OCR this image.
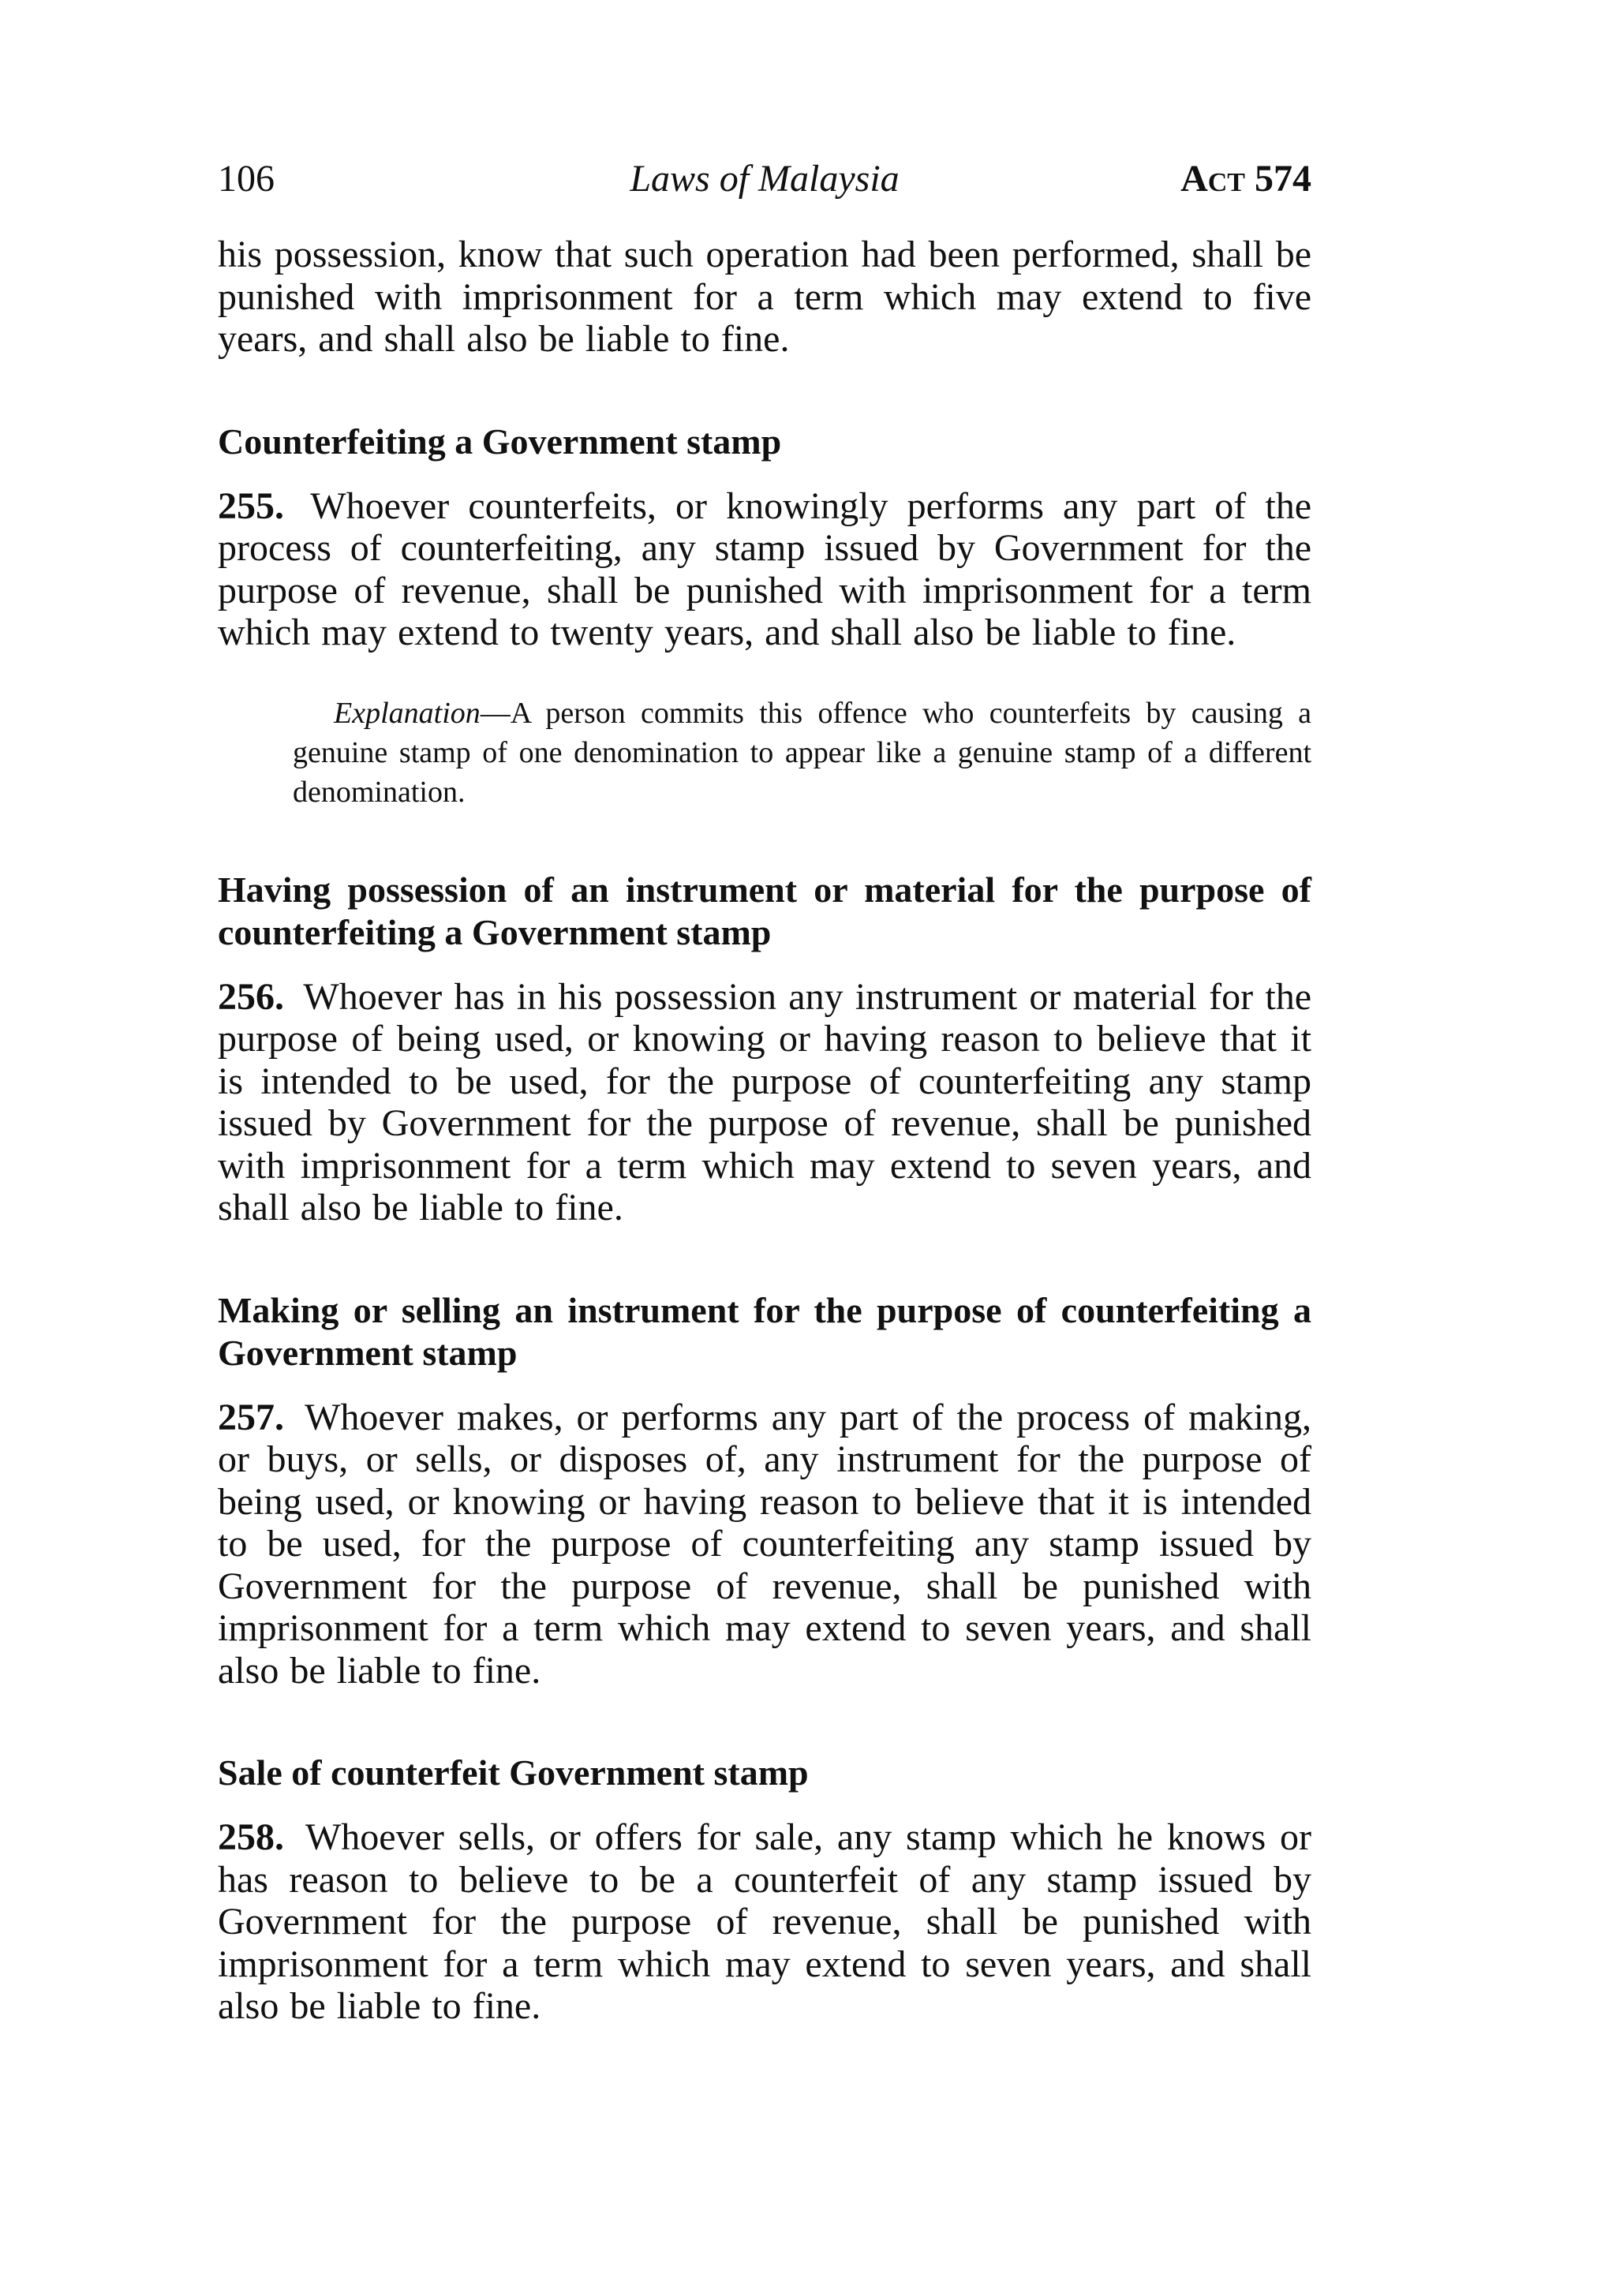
106	Laws of Malaysia	Act 574

his possession, know that such operation had been performed, shall be punished with imprisonment for a term which may extend to five years, and shall also be liable to fine.

Counterfeiting a Government stamp

255. Whoever counterfeits, or knowingly performs any part of the process of counterfeiting, any stamp issued by Government for the purpose of revenue, shall be punished with imprisonment for a term which may extend to twenty years, and shall also be liable to fine.

Explanation—A person commits this offence who counterfeits by causing a genuine stamp of one denomination to appear like a genuine stamp of a different denomination.

Having possession of an instrument or material for the purpose of counterfeiting a Government stamp

256. Whoever has in his possession any instrument or material for the purpose of being used, or knowing or having reason to believe that it is intended to be used, for the purpose of counterfeiting any stamp issued by Government for the purpose of revenue, shall be punished with imprisonment for a term which may extend to seven years, and shall also be liable to fine.

Making or selling an instrument for the purpose of counterfeiting a Government stamp

257. Whoever makes, or performs any part of the process of making, or buys, or sells, or disposes of, any instrument for the purpose of being used, or knowing or having reason to believe that it is intended to be used, for the purpose of counterfeiting any stamp issued by Government for the purpose of revenue, shall be punished with imprisonment for a term which may extend to seven years, and shall also be liable to fine.

Sale of counterfeit Government stamp

258. Whoever sells, or offers for sale, any stamp which he knows or has reason to believe to be a counterfeit of any stamp issued by Government for the purpose of revenue, shall be punished with imprisonment for a term which may extend to seven years, and shall also be liable to fine.
